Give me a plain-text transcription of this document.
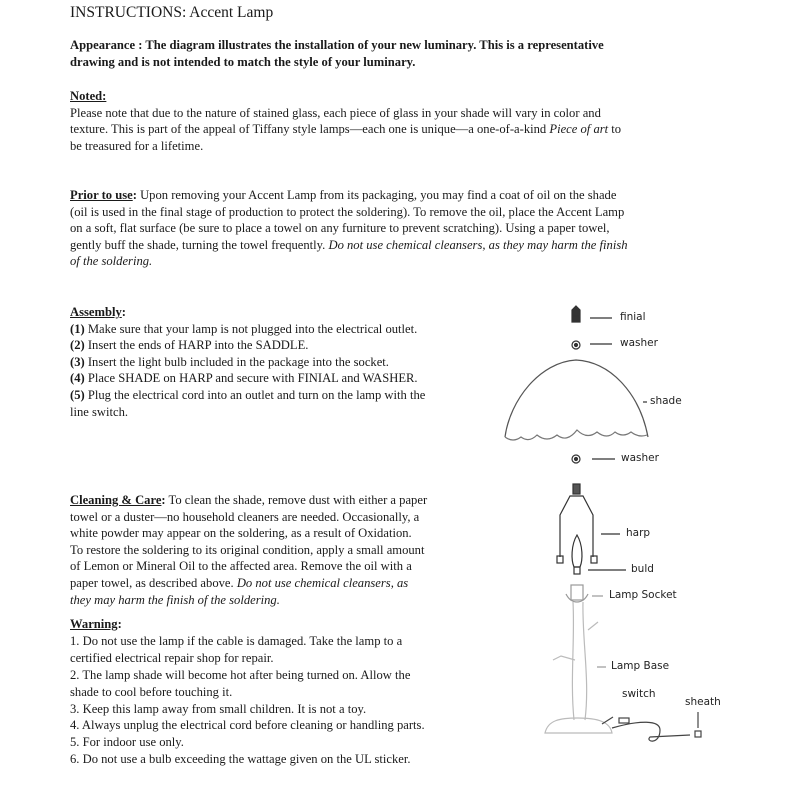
INSTRUCTIONS: Accent Lamp
Appearance : The diagram illustrates the installation of your new luminary. This is a representative
drawing and is not intended to match the style of your luminary.
Noted:
Please note that due to the nature of stained glass, each piece of glass in your shade will vary in color and
texture. This is part of the appeal of Tiffany style lamps—each one is unique—a one-of-a-kind Piece of art to
be treasured for a lifetime.
Prior to use: Upon removing your Accent Lamp from its packaging, you may find a coat of oil on the shade
(oil is used in the final stage of production to protect the soldering). To remove the oil, place the Accent Lamp
on a soft, flat surface (be sure to place a towel on any furniture to prevent scratching). Using a paper towel,
gently buff the shade, turning the towel frequently. Do not use chemical cleansers, as they may harm the finish
of the soldering.
Assembly:
(1) Make sure that your lamp is not plugged into the electrical outlet.
(2) Insert the ends of HARP into the SADDLE.
(3) Insert the light bulb included in the package into the socket.
(4) Place SHADE on HARP and secure with FINIAL and WASHER.
(5) Plug the electrical cord into an outlet and turn on the lamp with the
line switch.
Cleaning & Care: To clean the shade, remove dust with either a paper
towel or a duster—no household cleaners are needed. Occasionally, a
white powder may appear on the soldering, as a result of Oxidation.
To restore the soldering to its original condition, apply a small amount
of Lemon or Mineral Oil to the affected area. Remove the oil with a
paper towel, as described above. Do not use chemical cleansers, as
they may harm the finish of the soldering.
Warning:
1. Do not use the lamp if the cable is damaged. Take the lamp to a
certified electrical repair shop for repair.
2. The lamp shade will become hot after being turned on. Allow the
shade to cool before touching it.
3. Keep this lamp away from small children. It is not a toy.
4. Always unplug the electrical cord before cleaning or handling parts.
5. For indoor use only.
6. Do not use a bulb exceeding the wattage given on the UL sticker.
finial
washer
shade
washer
harp
buld
Lamp Socket
Lamp Base
switch
sheath
